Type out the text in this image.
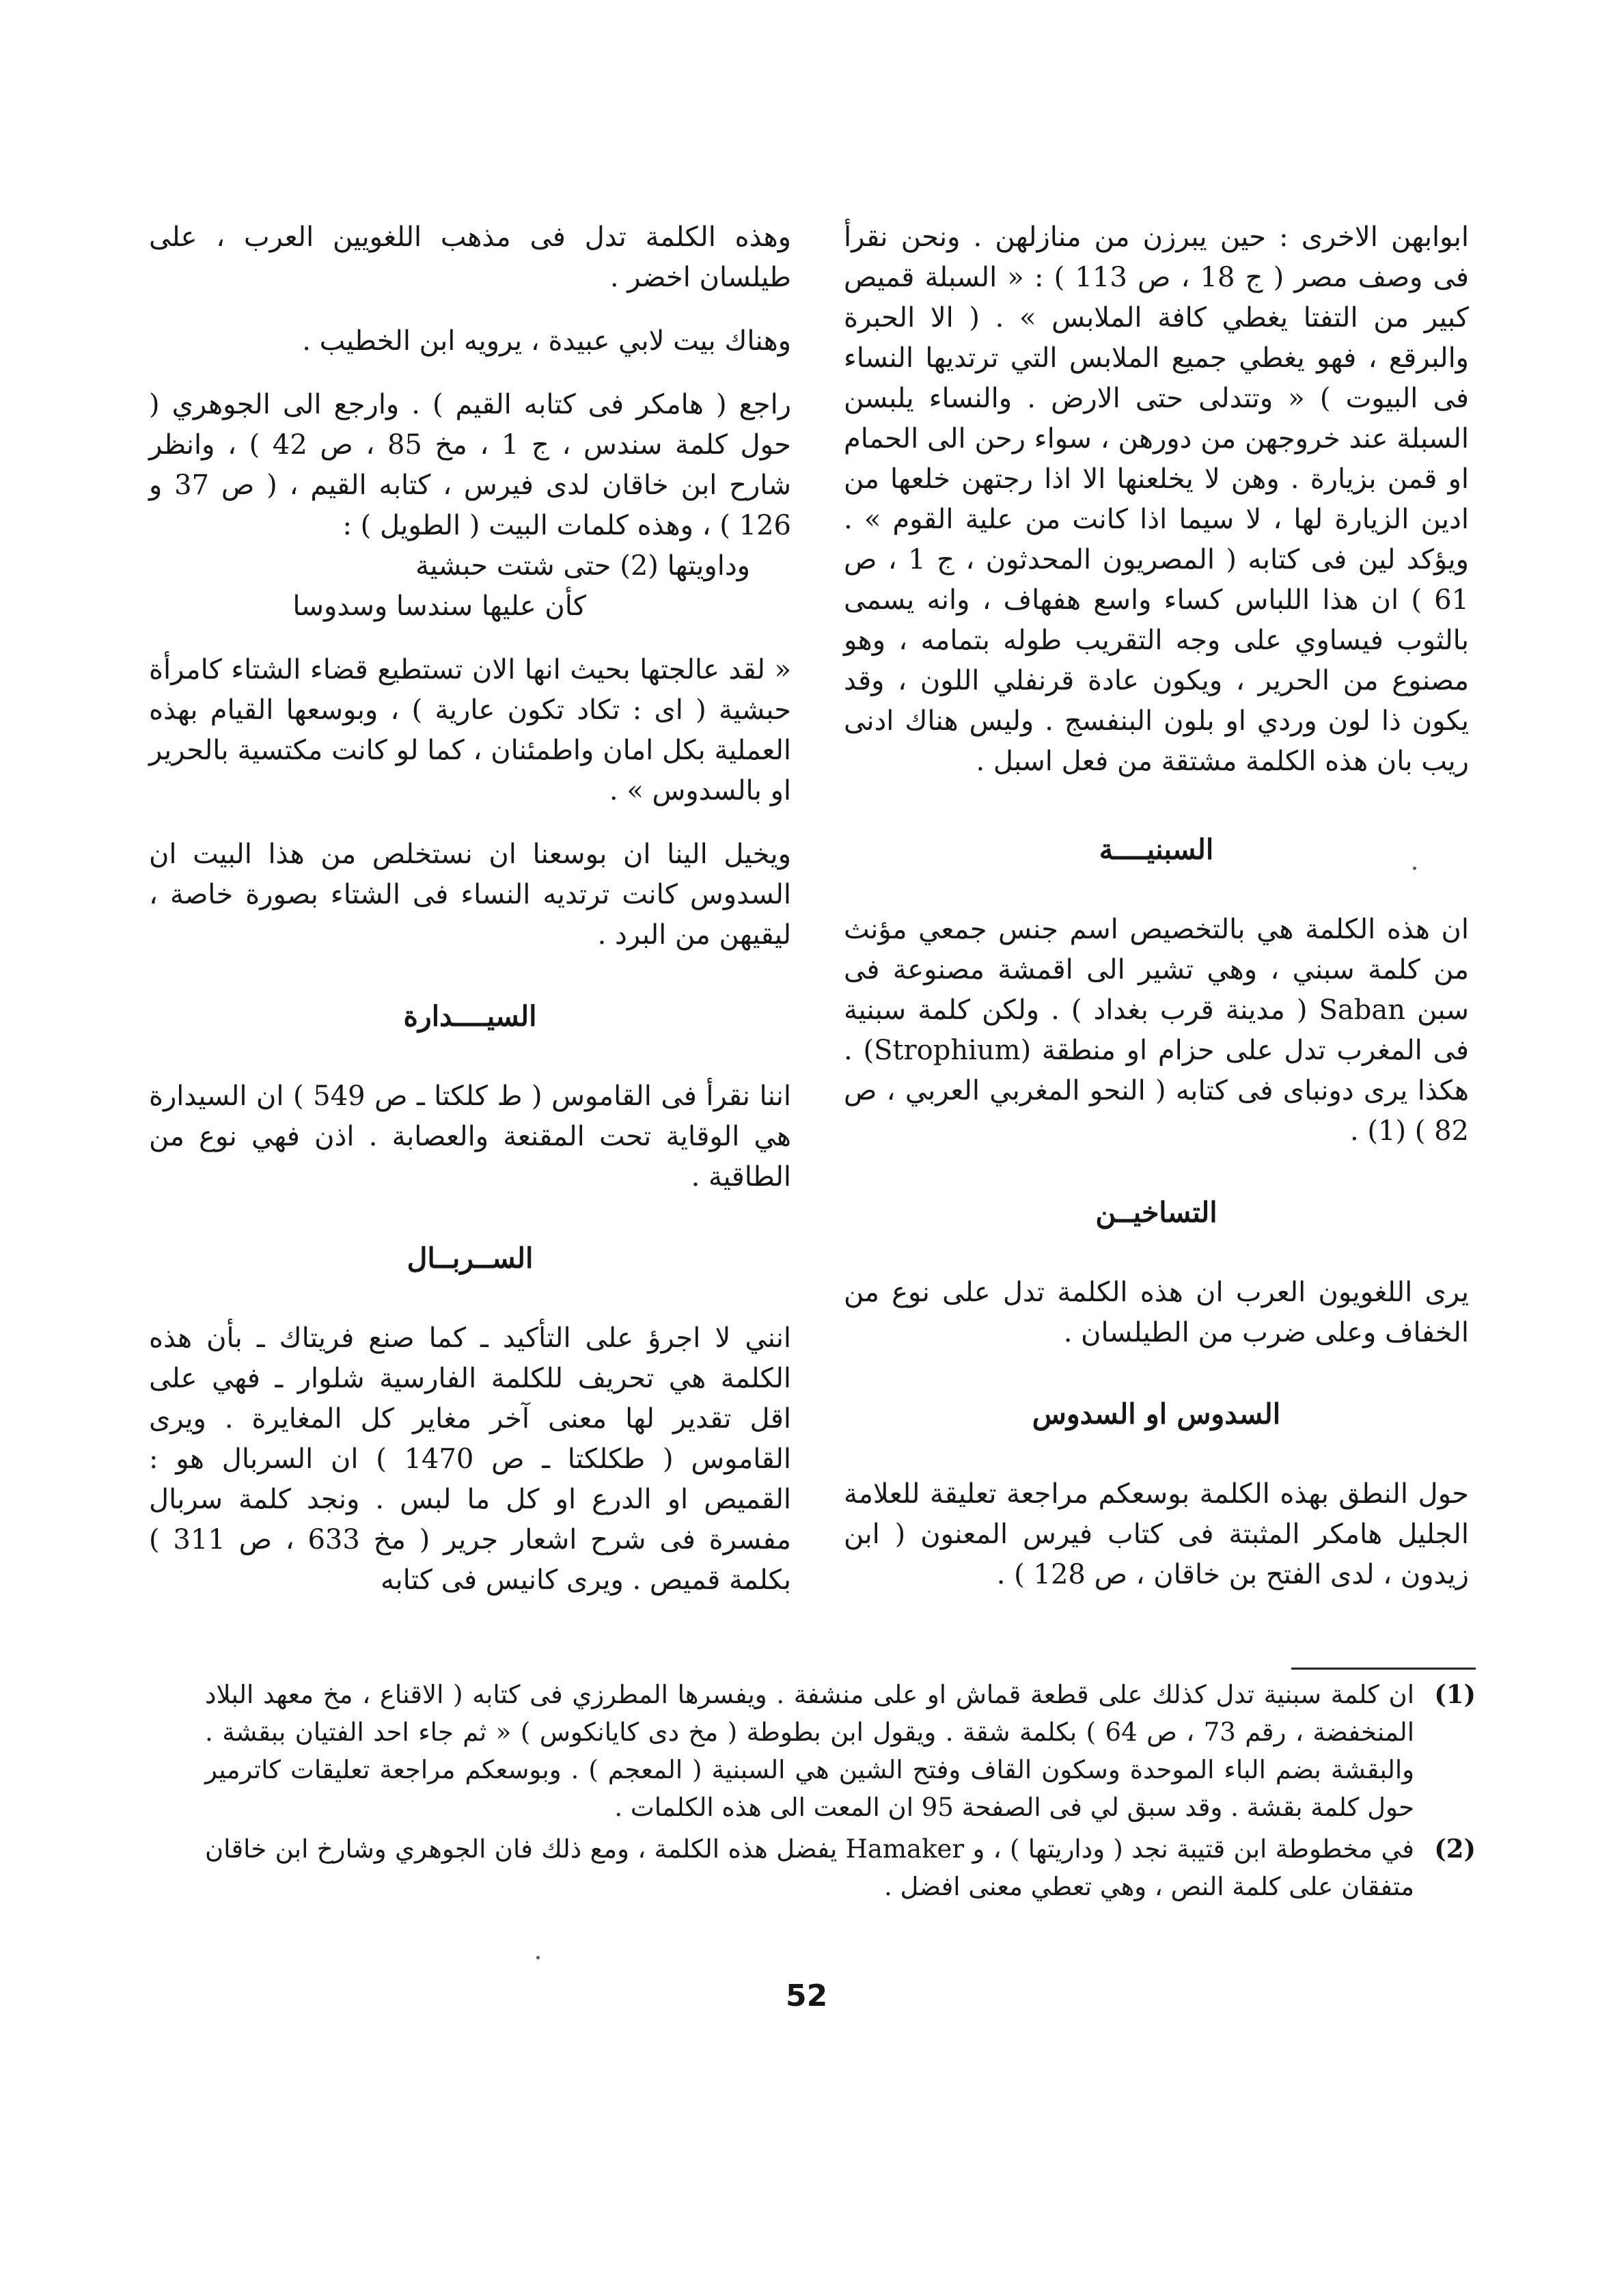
ابوابهن الاخرى : حين يبرزن من منازلهن . ونحن نقرأ فى وصف مصر ( ج 18 ، ص 113 ) : « السبلة قميص كبير من التفتا يغطي كافة الملابس » . ( الا الحبرة والبرقع ، فهو يغطي جميع الملابس التي ترتديها النساء فى البيوت ) « وتتدلى حتى الارض . والنساء يلبسن السبلة عند خروجهن من دورهن ، سواء رحن الى الحمام او قمن بزيارة . وهن لا يخلعنها الا اذا رجتهن خلعها من ادين الزيارة لها ، لا سيما اذا كانت من علية القوم » . ويؤكد لين فى كتابه ( المصريون المحدثون ، ج 1 ، ص 61 ) ان هذا اللباس كساء واسع هفهاف ، وانه يسمى بالثوب فيساوي على وجه التقريب طوله بتمامه ، وهو مصنوع من الحرير ، ويكون عادة قرنفلي اللون ، وقد يكون ذا لون وردي او بلون البنفسج . وليس هناك ادنى ريب بان هذه الكلمة مشتقة من فعل اسبل .

السبنيــــة

ان هذه الكلمة هي بالتخصيص اسم جنس جمعي مؤنث من كلمة سبني ، وهي تشير الى اقمشة مصنوعة فى سبن Saban ( مدينة قرب بغداد ) . ولكن كلمة سبنية فى المغرب تدل على حزام او منطقة (Strophium) . هكذا يرى دونباى فى كتابه ( النحو المغربي العربي ، ص 82 ) (1) .

التساخيــن

يرى اللغويون العرب ان هذه الكلمة تدل على نوع من الخفاف وعلى ضرب من الطيلسان .

السدوس او السدوس

حول النطق بهذه الكلمة بوسعكم مراجعة تعليقة للعلامة الجليل هامكر المثبتة فى كتاب فيرس المعنون ( ابن زيدون ، لدى الفتح بن خاقان ، ص 128 ) .

وهذه الكلمة تدل فى مذهب اللغويين العرب ، على طيلسان اخضر .

وهناك بيت لابي عبيدة ، يرويه ابن الخطيب .

راجع ( هامكر فى كتابه القيم ) . وارجع الى الجوهري ( حول كلمة سندس ، ج 1 ، مخ 85 ، ص 42 ) ، وانظر شارح ابن خاقان لدى فيرس ، كتابه القيم ، ( ص 37 و 126 ) ، وهذه كلمات البيت ( الطويل ) :

وداويتها (2) حتى شتت حبشية

كأن عليها سندسا وسدوسا

« لقد عالجتها بحيث انها الان تستطيع قضاء الشتاء كامرأة حبشية ( اى : تكاد تكون عارية ) ، وبوسعها القيام بهذه العملية بكل امان واطمئنان ، كما لو كانت مكتسية بالحرير او بالسدوس » .

ويخيل الينا ان بوسعنا ان نستخلص من هذا البيت ان السدوس كانت ترتديه النساء فى الشتاء بصورة خاصة ، ليقيهن من البرد .

السيــــدارة

اننا نقرأ فى القاموس ( ط كلكتا ـ ص 549 ) ان السيدارة هي الوقاية تحت المقنعة والعصابة . اذن فهي نوع من الطاقية .

الســربــال

انني لا اجرؤ على التأكيد ـ كما صنع فريتاك ـ بأن هذه الكلمة هي تحريف للكلمة الفارسية شلوار ـ فهي على اقل تقدير لها معنى آخر مغاير كل المغايرة . ويرى القاموس ( طكلكتا ـ ص 1470 ) ان السربال هو : القميص او الدرع او كل ما لبس . ونجد كلمة سربال مفسرة فى شرح اشعار جرير ( مخ 633 ، ص 311 ) بكلمة قميص . ويرى كانيس فى كتابه

(1)
ان كلمة سبنية تدل كذلك على قطعة قماش او على منشفة . ويفسرها المطرزي فى كتابه ( الاقناع ، مخ معهد البلاد المنخفضة ، رقم 73 ، ص 64 ) بكلمة شقة . ويقول ابن بطوطة ( مخ دى كايانكوس ) « ثم جاء احد الفتيان ببقشة . والبقشة بضم الباء الموحدة وسكون القاف وفتح الشين هي السبنية ( المعجم ) . وبوسعكم مراجعة تعليقات كاترمير حول كلمة بقشة . وقد سبق لي فى الصفحة 95 ان المعت الى هذه الكلمات .
(2)
في مخطوطة ابن قتيبة نجد ( وداريتها ) ، و Hamaker يفضل هذه الكلمة ، ومع ذلك فان الجوهري وشارخ ابن خاقان متفقان على كلمة النص ، وهي تعطي معنى افضل .
52
